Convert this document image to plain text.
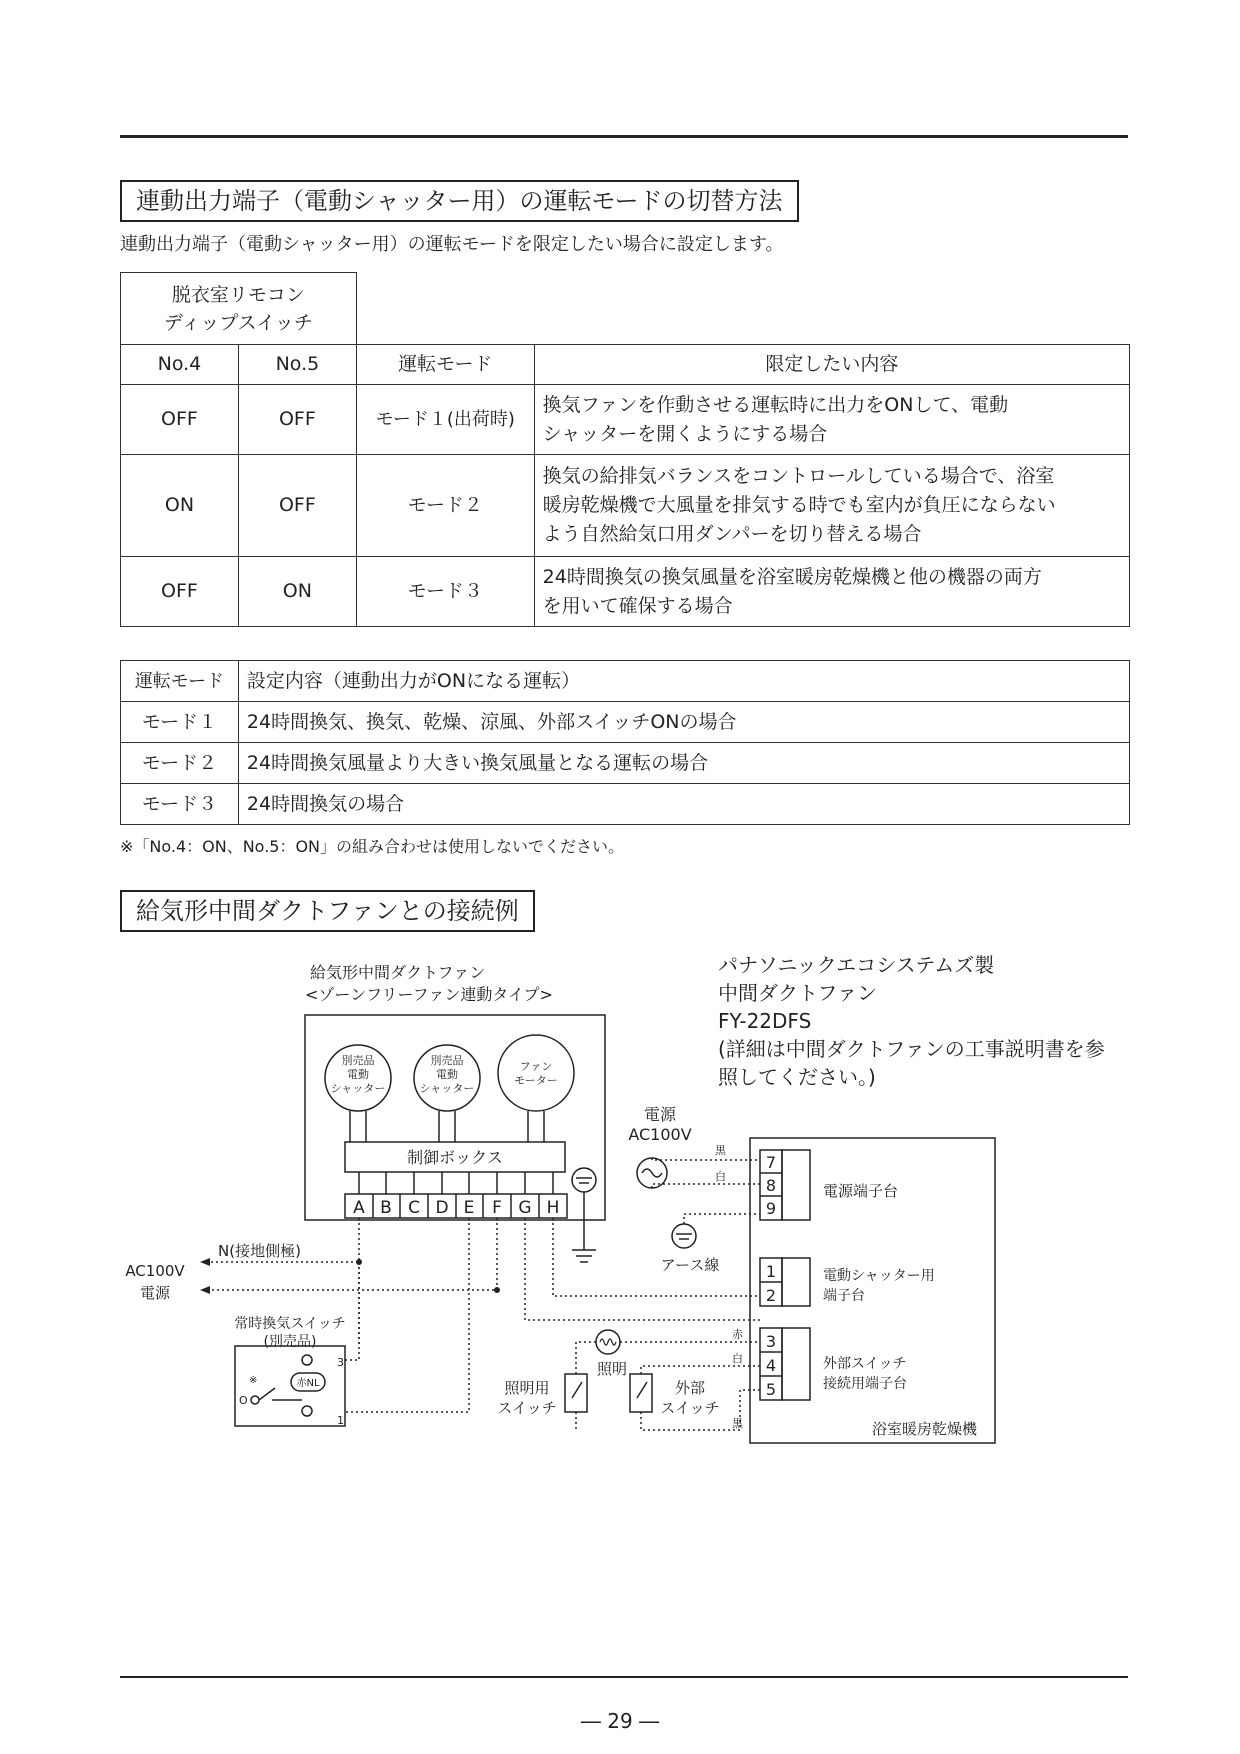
連動出力端子（電動シャッター用）の運転モードの切替方法
連動出力端子（電動シャッター用）の運転モードを限定したい場合に設定します。
脱衣室リモコン
ディップスイッチ			

No.4	No.5	運転モード	限定したい内容
OFF	OFF	モード１(出荷時)	換気ファンを作動させる運転時に出力をONして、電動
シャッターを開くようにする場合

ON	OFF	モード２	換気の給排気バランスをコントロールしている場合で、浴室
暖房乾燥機で大風量を排気する時でも室内が負圧にならない
よう自然給気口用ダンパーを切り替える場合

OFF	ON	モード３	24時間換気の換気風量を浴室暖房乾燥機と他の機器の両方
を用いて確保する場合
運転モード	設定内容（連動出力がONになる運転）
モード１	24時間換気、換気、乾燥、涼風、外部スイッチONの場合
モード２	24時間換気風量より大きい換気風量となる運転の場合
モード３	24時間換気の場合
※「No.4：ON、No.5：ON」の組み合わせは使用しないでください。
給気形中間ダクトファンとの接続例
給気形中間ダクトファン
<ゾーンフリーファン連動タイプ>
パナソニックエコシステムズ製
中間ダクトファン
FY-22DFS
(詳細は中間ダクトファンの工事説明書を参
照してください。)
別売品
電動
シャッター
別売品
電動
シャッター
ファン
モーター
制御ボックス
A B C D E F G H
N(接地側極)
AC100V
電源
常時換気スイッチ
(別売品)
3
1
※
O
赤NL
電源
AC100V
黒
白
アース線
7
8
9
1
2
3
4
5
電源端子台
電動シャッター用
端子台
外部スイッチ
接続用端子台
赤
白
黒
照明
照明用
スイッチ
外部
スイッチ
浴室暖房乾燥機
― 29 ―
